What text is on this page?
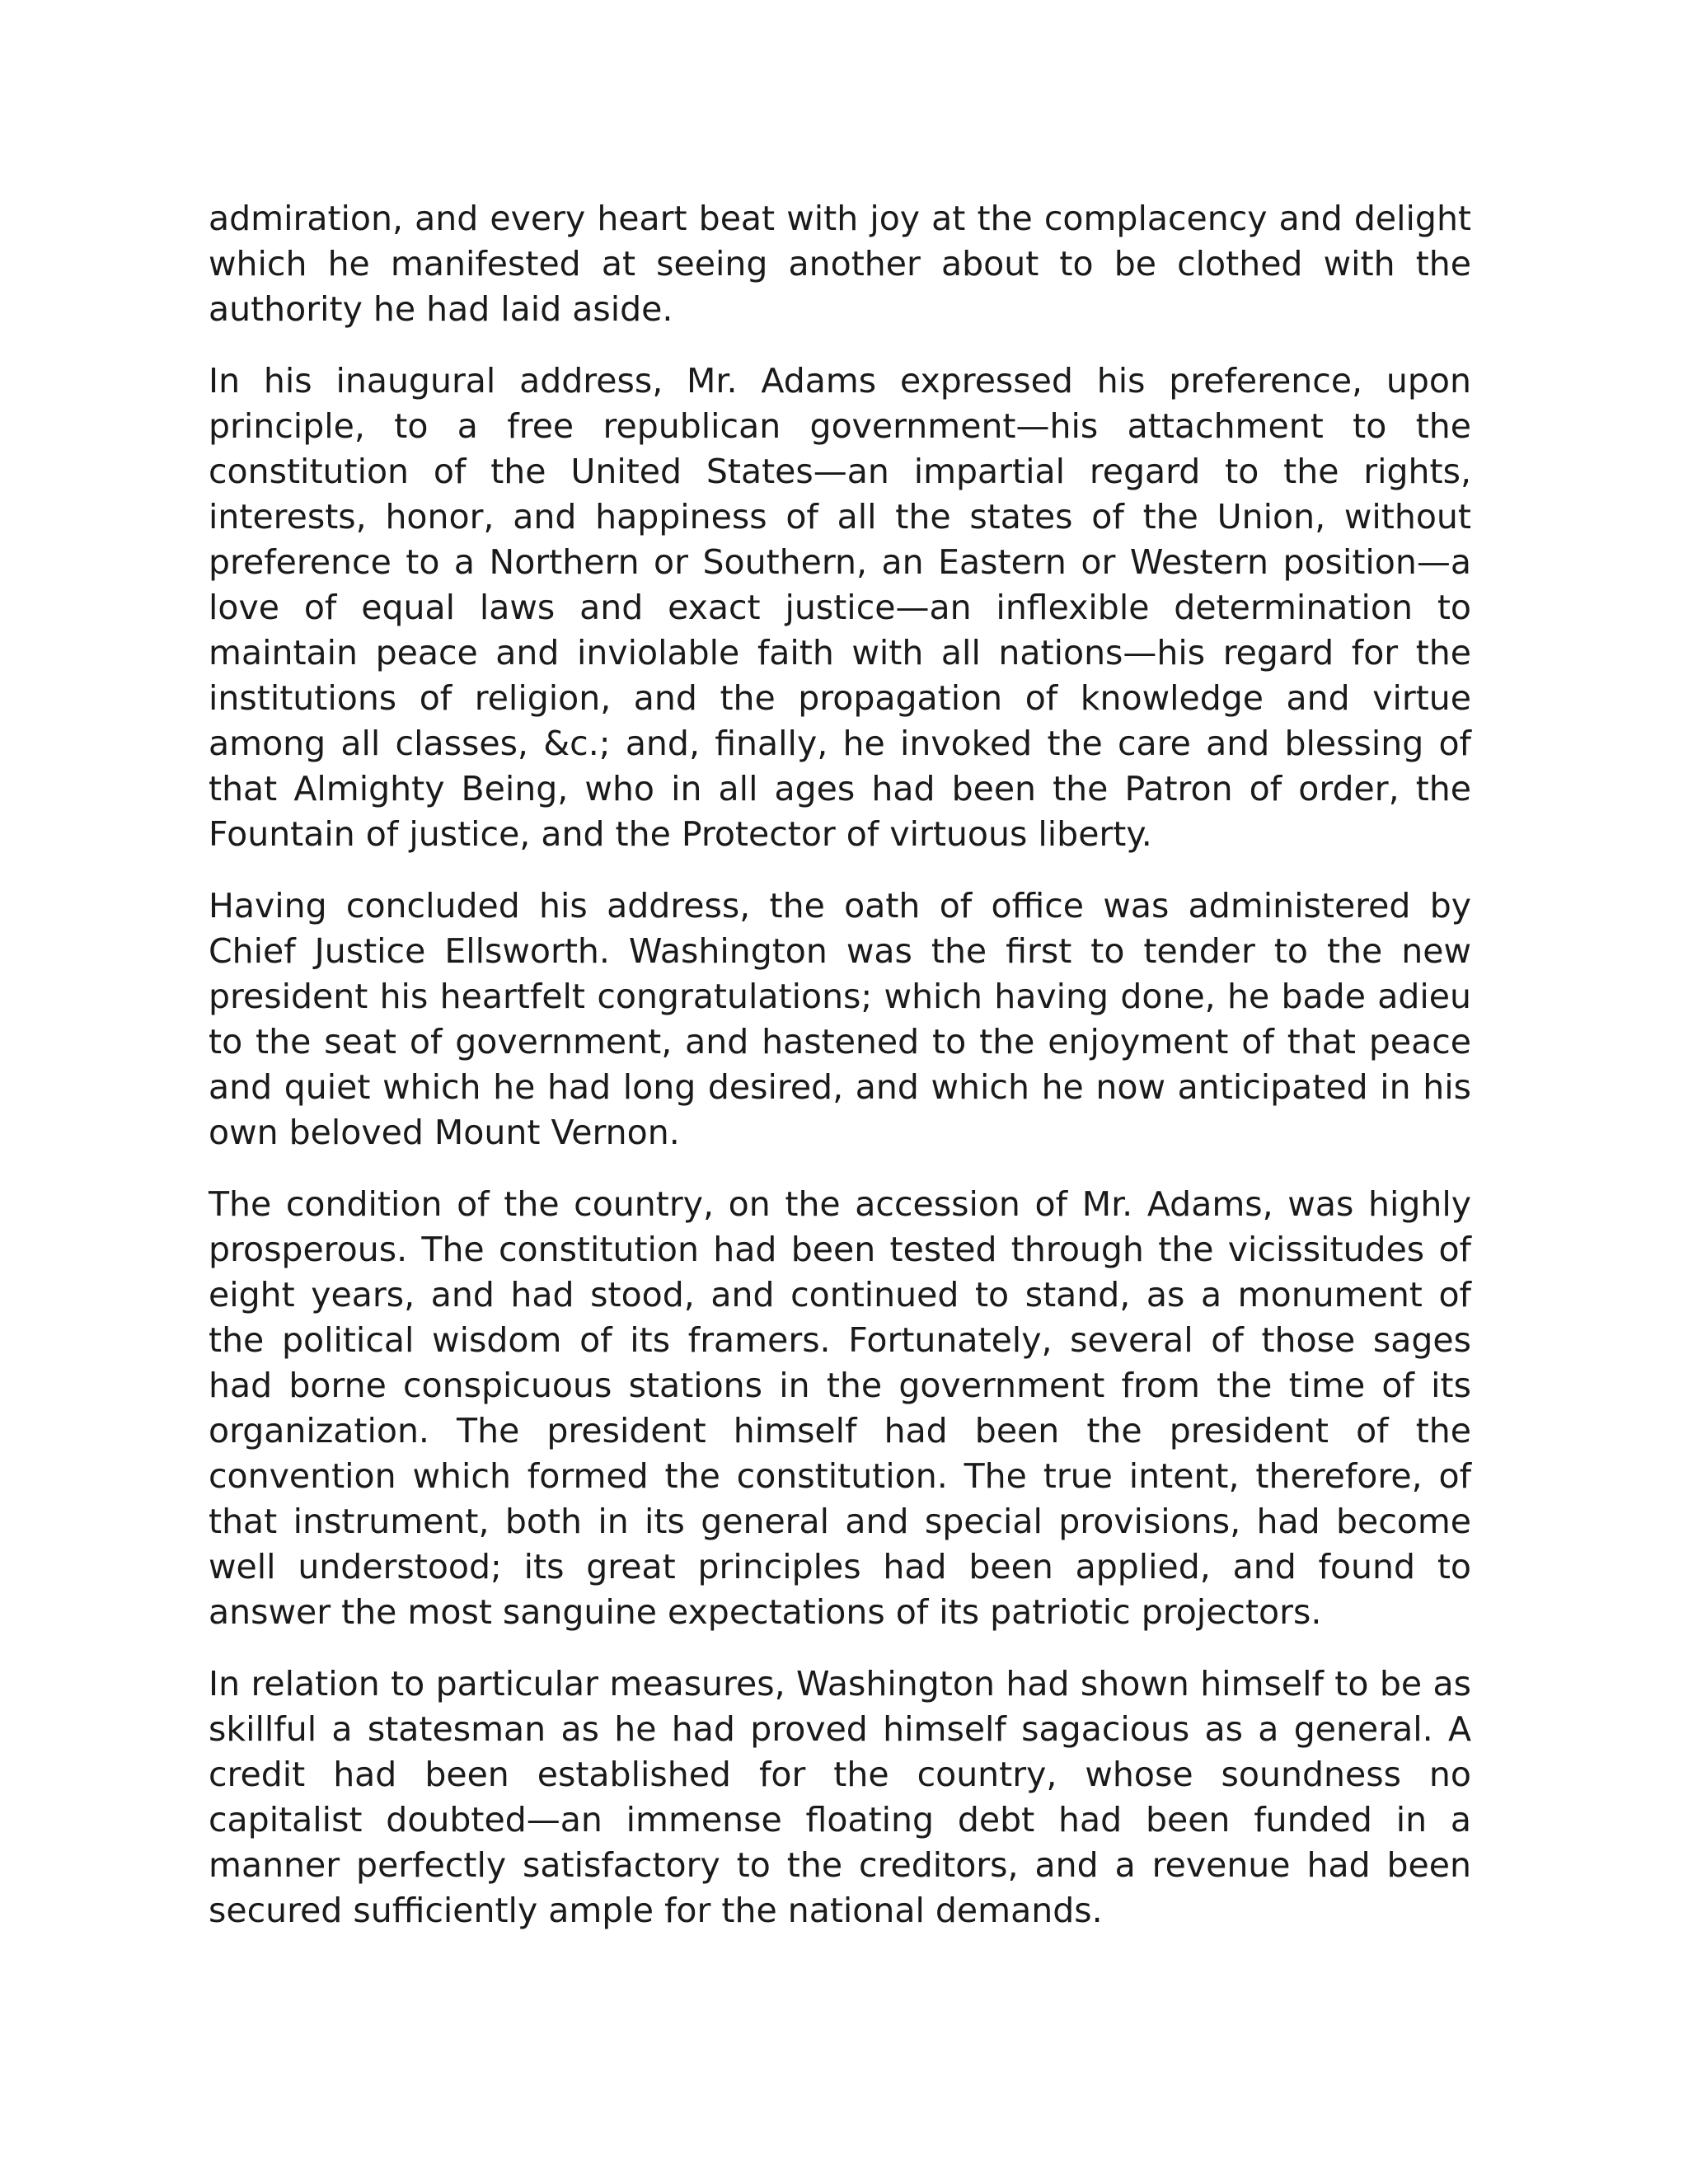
admiration, and every heart beat with joy at the complacency and delight which he manifested at seeing another about to be clothed with the authority he had laid aside.

In his inaugural address, Mr. Adams expressed his preference, upon principle, to a free republican government—his attachment to the constitution of the United States—an impartial regard to the rights, interests, honor, and happiness of all the states of the Union, without preference to a Northern or Southern, an Eastern or Western position—a love of equal laws and exact justice—an inflexible determination to maintain peace and inviolable faith with all nations—his regard for the institutions of religion, and the propagation of knowledge and virtue among all classes, &c.; and, finally, he invoked the care and blessing of that Almighty Being, who in all ages had been the Patron of order, the Fountain of justice, and the Protector of virtuous liberty.

Having concluded his address, the oath of office was administered by Chief Justice Ellsworth. Washington was the first to tender to the new president his heartfelt congratulations; which having done, he bade adieu to the seat of government, and hastened to the enjoyment of that peace and quiet which he had long desired, and which he now anticipated in his own beloved Mount Vernon.

The condition of the country, on the accession of Mr. Adams, was highly prosperous. The constitution had been tested through the vicissitudes of eight years, and had stood, and continued to stand, as a monument of the political wisdom of its framers. Fortunately, several of those sages had borne conspicuous stations in the government from the time of its organization. The president himself had been the president of the convention which formed the constitution. The true intent, therefore, of that instrument, both in its general and special provisions, had become well understood; its great principles had been applied, and found to answer the most sanguine expectations of its patriotic projectors.

In relation to particular measures, Washington had shown himself to be as skillful a statesman as he had proved himself sagacious as a general. A credit had been established for the country, whose soundness no capitalist doubted—an immense floating debt had been funded in a manner perfectly satisfactory to the creditors, and a revenue had been secured sufficiently ample for the national demands.
